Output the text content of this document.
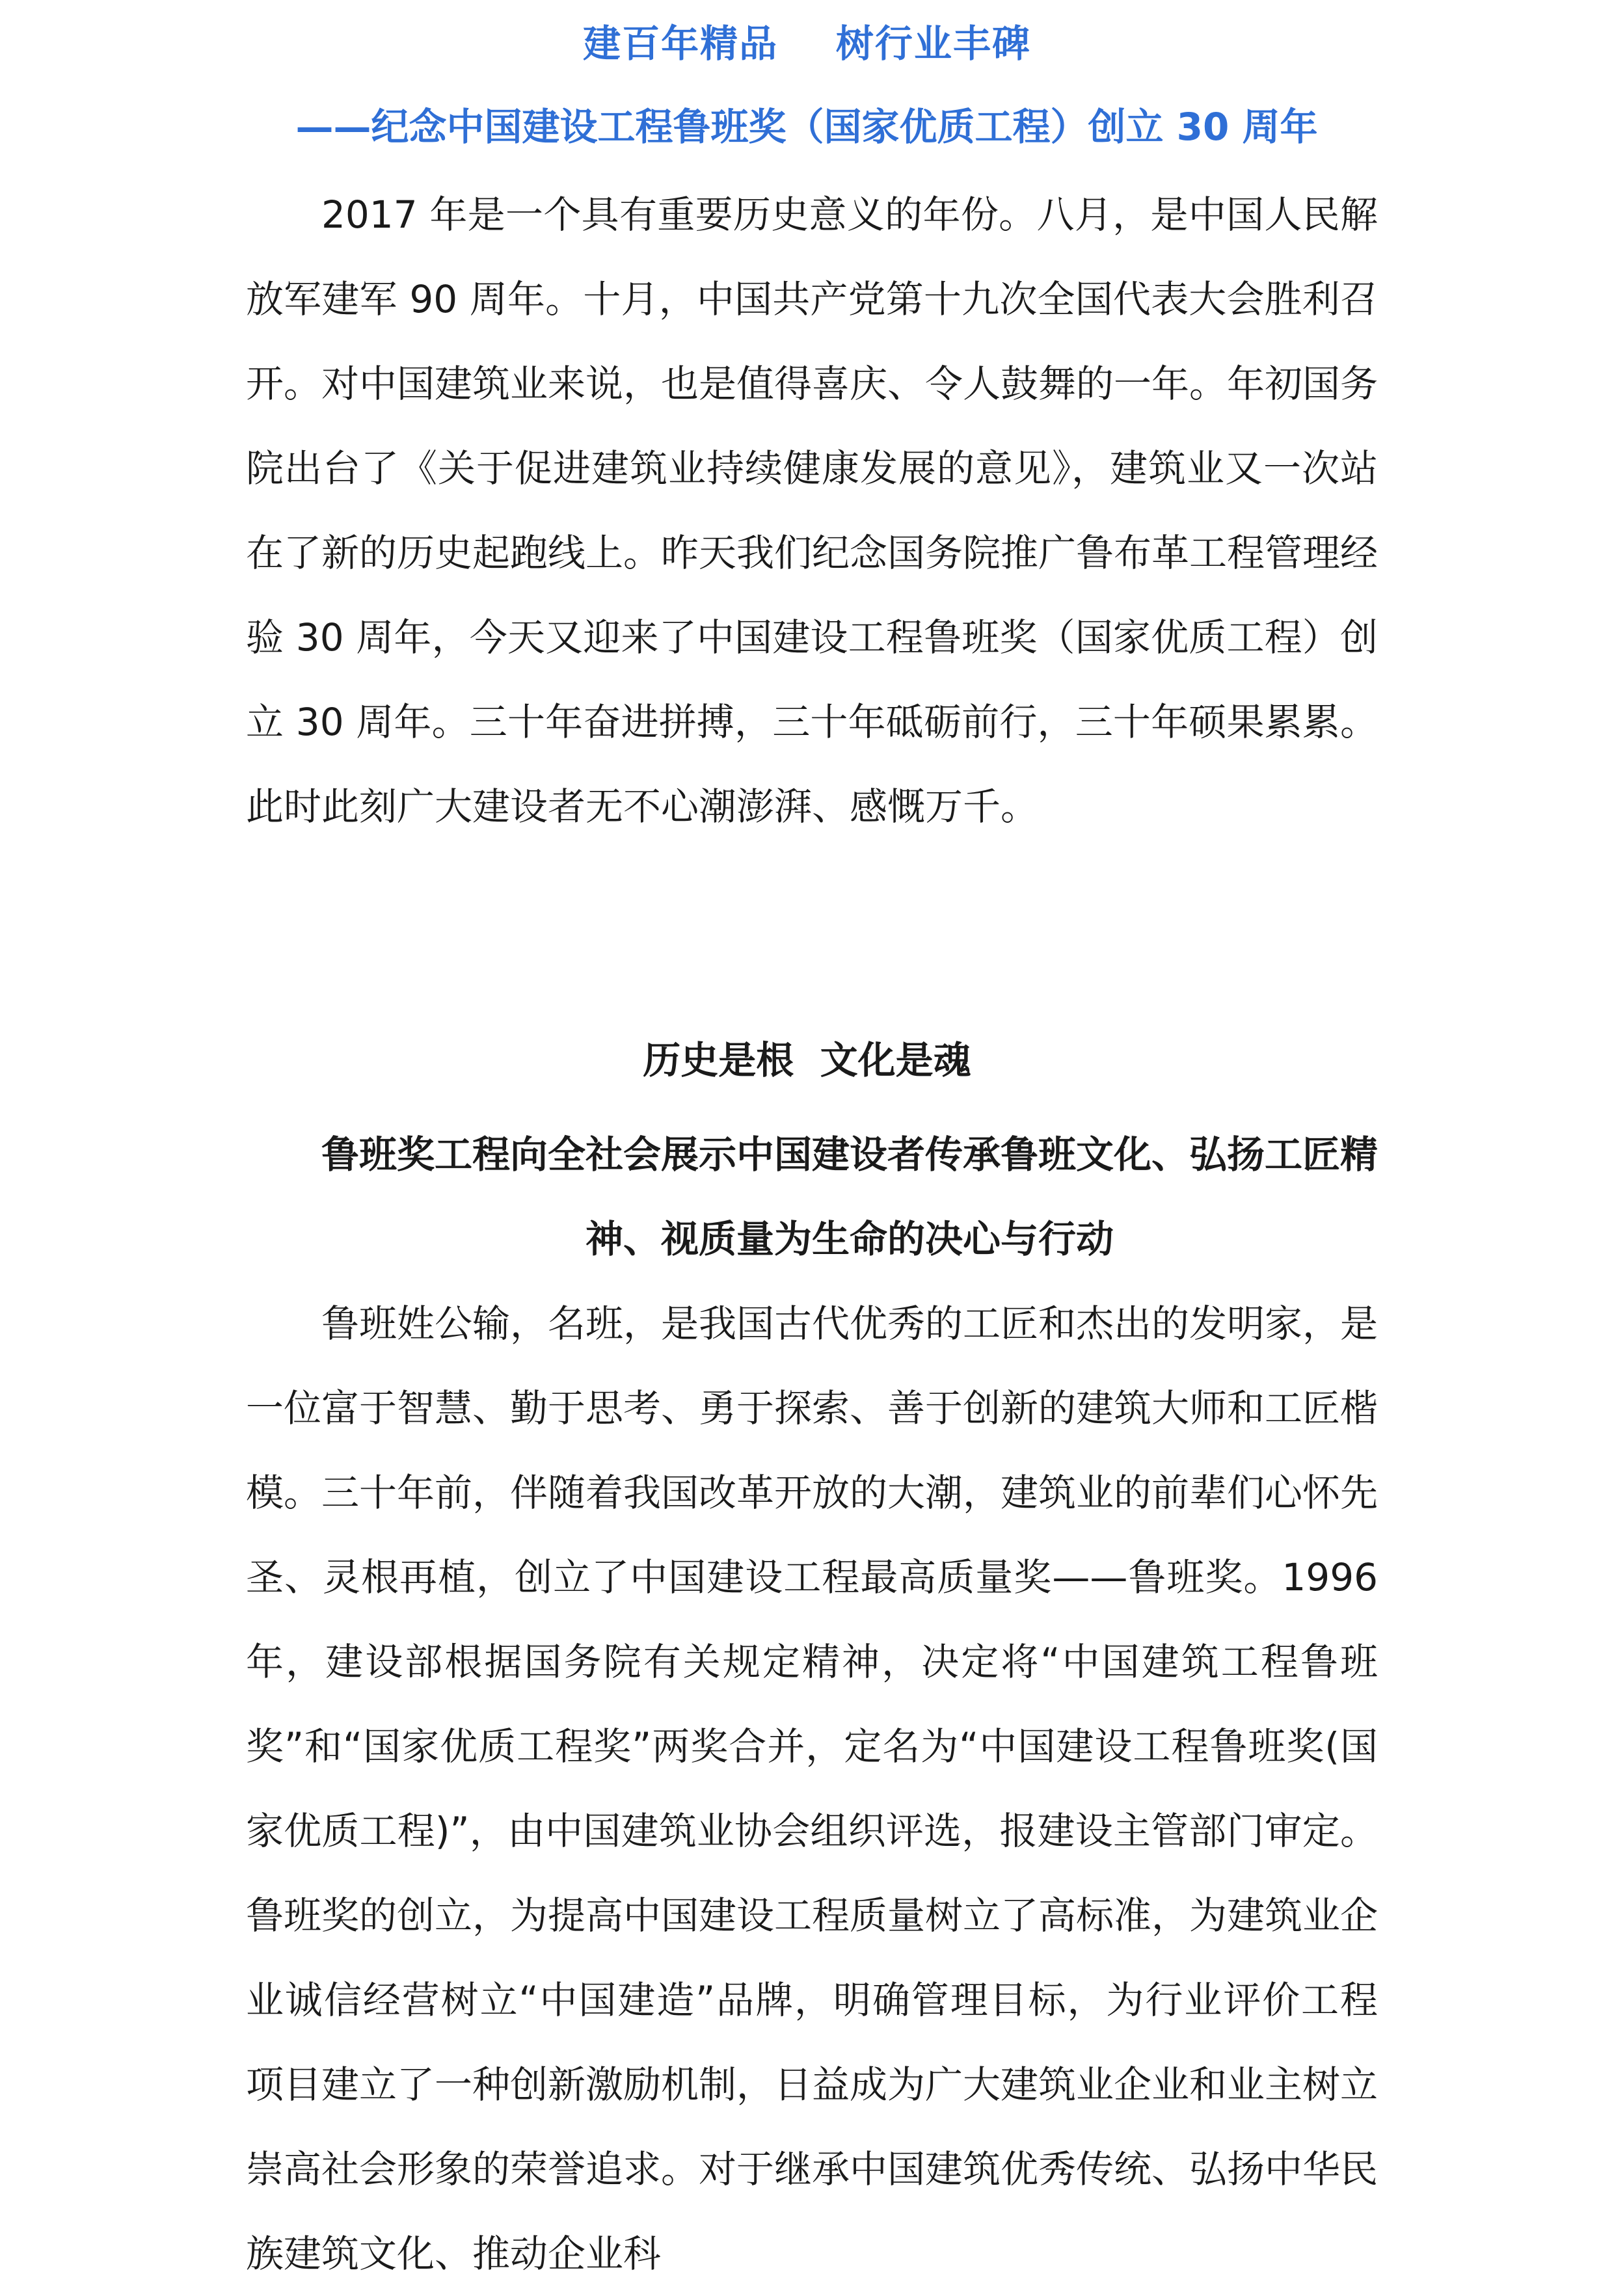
建百年精品    树行业丰碑
——纪念中国建设工程鲁班奖（国家优质工程）创立 30 周年
2017 年是一个具有重要历史意义的年份。八月，是中国人民解放军建军 90 周年。十月，中国共产党第十九次全国代表大会胜利召开。对中国建筑业来说，也是值得喜庆、令人鼓舞的一年。年初国务院出台了《关于促进建筑业持续健康发展的意见》，建筑业又一次站在了新的历史起跑线上。昨天我们纪念国务院推广鲁布革工程管理经验 30 周年，今天又迎来了中国建设工程鲁班奖（国家优质工程）创立 30 周年。三十年奋进拼搏，三十年砥砺前行，三十年硕果累累。此时此刻广大建设者无不心潮澎湃、感慨万千。
历史是根  文化是魂
鲁班奖工程向全社会展示中国建设者传承鲁班文化、弘扬工匠精神、视质量为生命的决心与行动
鲁班姓公输，名班，是我国古代优秀的工匠和杰出的发明家，是一位富于智慧、勤于思考、勇于探索、善于创新的建筑大师和工匠楷模。三十年前，伴随着我国改革开放的大潮，建筑业的前辈们心怀先圣、灵根再植，创立了中国建设工程最高质量奖——鲁班奖。1996 年，建设部根据国务院有关规定精神，决定将“中国建筑工程鲁班奖”和“国家优质工程奖”两奖合并，定名为“中国建设工程鲁班奖(国家优质工程)”，由中国建筑业协会组织评选，报建设主管部门审定。鲁班奖的创立，为提高中国建设工程质量树立了高标准，为建筑业企业诚信经营树立“中国建造”品牌，明确管理目标，为行业评价工程项目建立了一种创新激励机制，日益成为广大建筑业企业和业主树立崇高社会形象的荣誉追求。对于继承中国建筑优秀传统、弘扬中华民族建筑文化、推动企业科
